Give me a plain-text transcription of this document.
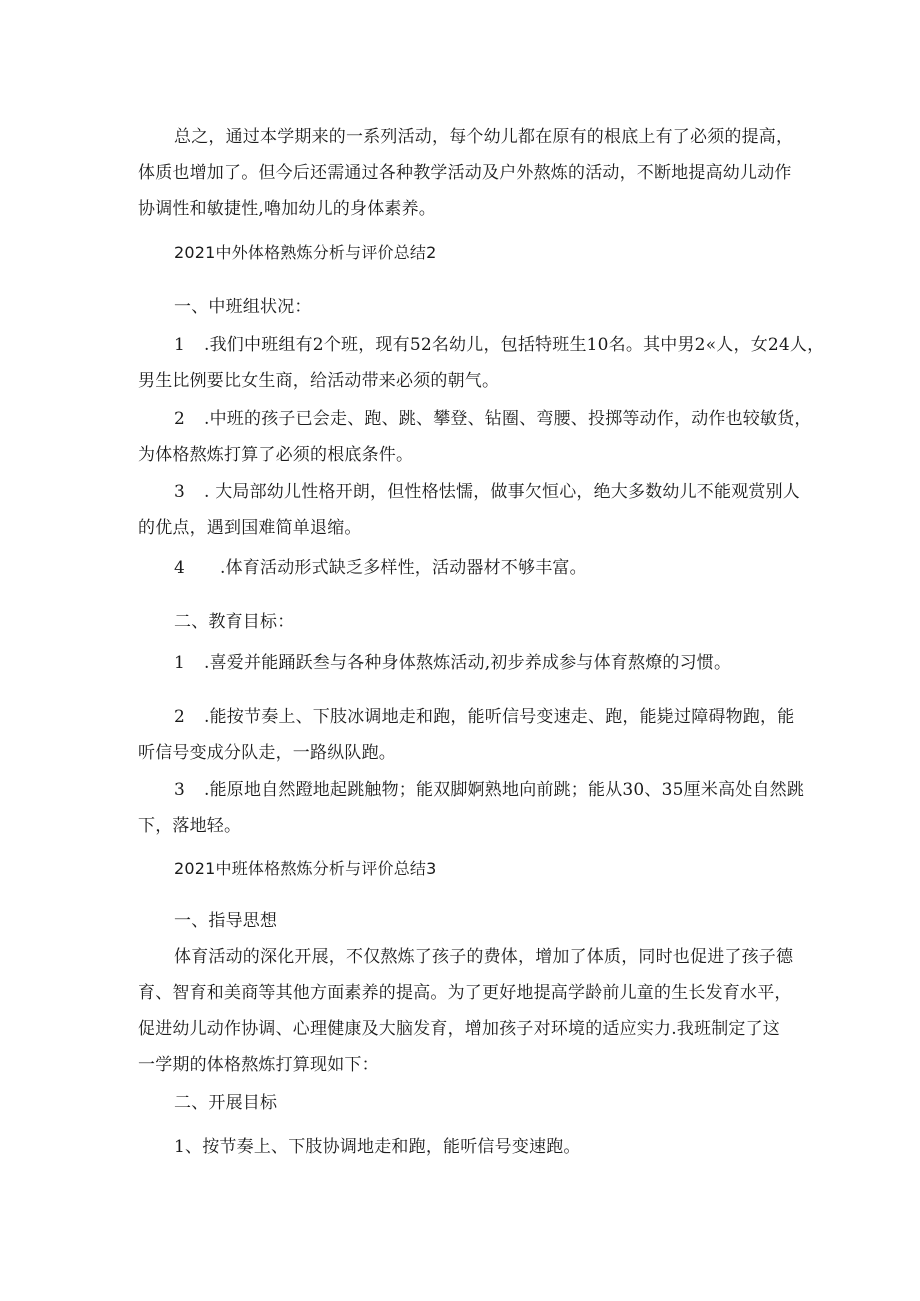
总之，通过本学期来的一系列活动，每个幼儿都在原有的根底上有了必须的提高，
体质也增加了。但今后还需通过各种教学活动及户外熬炼的活动，不断地提高幼儿动作
协调性和敏捷性,嚕加幼儿的身体素养。
2021中外体格熟炼分析与评价总结2
一、中班组状况：
1 .我们中班组有2个班，现有52名幼儿，包括特班生10名。其中男2«人，女24人，
男生比例要比女生商，给活动带来必须的朝气。
2 .中班的孩子已会走、跑、跳、攀登、钻圈、弯腰、投掷等动作，动作也较敏货，
为体格熬炼打算了必须的根底条件。
3 . 大局部幼儿性格开朗，但性格怯懦，做事欠恒心，绝大多数幼儿不能观赏别人
的优点，遇到国难简单退缩。
4 .体育活动形式缺乏多样性，活动器材不够丰富。
二、教育目标：
1 .喜爱并能踊跃叁与各种身体熬炼活动,初步养成参与体育熬燎的习惯。
2 .能按节奏上、下肢冰调地走和跑，能听信号变速走、跑，能毙过障碍物跑，能
听信号变成分队走，一路纵队跑。
3 .能原地自然蹬地起跳触物；能双脚婀熟地向前跳；能从30、35厘米高处自然跳
下，落地轻。
2021中班体格熬炼分析与评价总结3
一、指导思想
体育活动的深化开展，不仅熬炼了孩子的费体，增加了体质，同时也促进了孩子德
育、智育和美商等其他方面素养的提高。为了更好地提高学龄前儿童的生长发育水平，
促进幼儿动作协调、心理健康及大脑发育，增加孩子对环境的适应实力.我班制定了这
一学期的体格熬炼打算现如下：
二、开展目标
1、按节奏上、下肢协调地走和跑，能听信号变速跑。
